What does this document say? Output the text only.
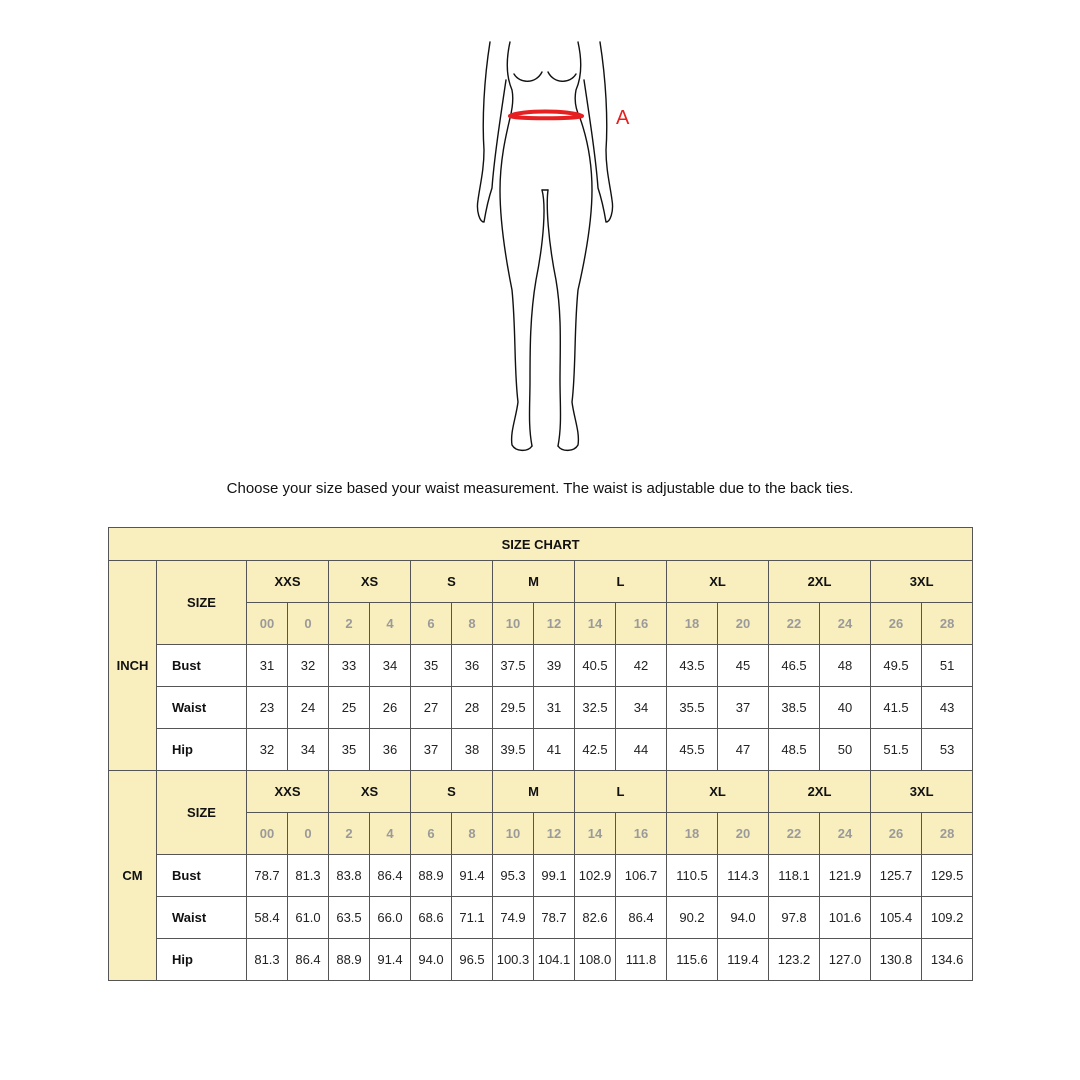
A
Choose your size based your waist measurement. The waist is adjustable due to the back ties.
SIZE CHART																	
INCH	SIZE	XXS		XS		S		M		L		XL		2XL		3XL	
		00	0	2	4	6	8	10	12	14	16	18	20	22	24	26	28
	Bust	31	32	33	34	35	36	37.5	39	40.5	42	43.5	45	46.5	48	49.5	51
	Waist	23	24	25	26	27	28	29.5	31	32.5	34	35.5	37	38.5	40	41.5	43
	Hip	32	34	35	36	37	38	39.5	41	42.5	44	45.5	47	48.5	50	51.5	53
CM	SIZE	XXS		XS		S		M		L		XL		2XL		3XL	
		00	0	2	4	6	8	10	12	14	16	18	20	22	24	26	28
	Bust	78.7	81.3	83.8	86.4	88.9	91.4	95.3	99.1	102.9	106.7	110.5	114.3	118.1	121.9	125.7	129.5
	Waist	58.4	61.0	63.5	66.0	68.6	71.1	74.9	78.7	82.6	86.4	90.2	94.0	97.8	101.6	105.4	109.2
	Hip	81.3	86.4	88.9	91.4	94.0	96.5	100.3	104.1	108.0	111.8	115.6	119.4	123.2	127.0	130.8	134.6
